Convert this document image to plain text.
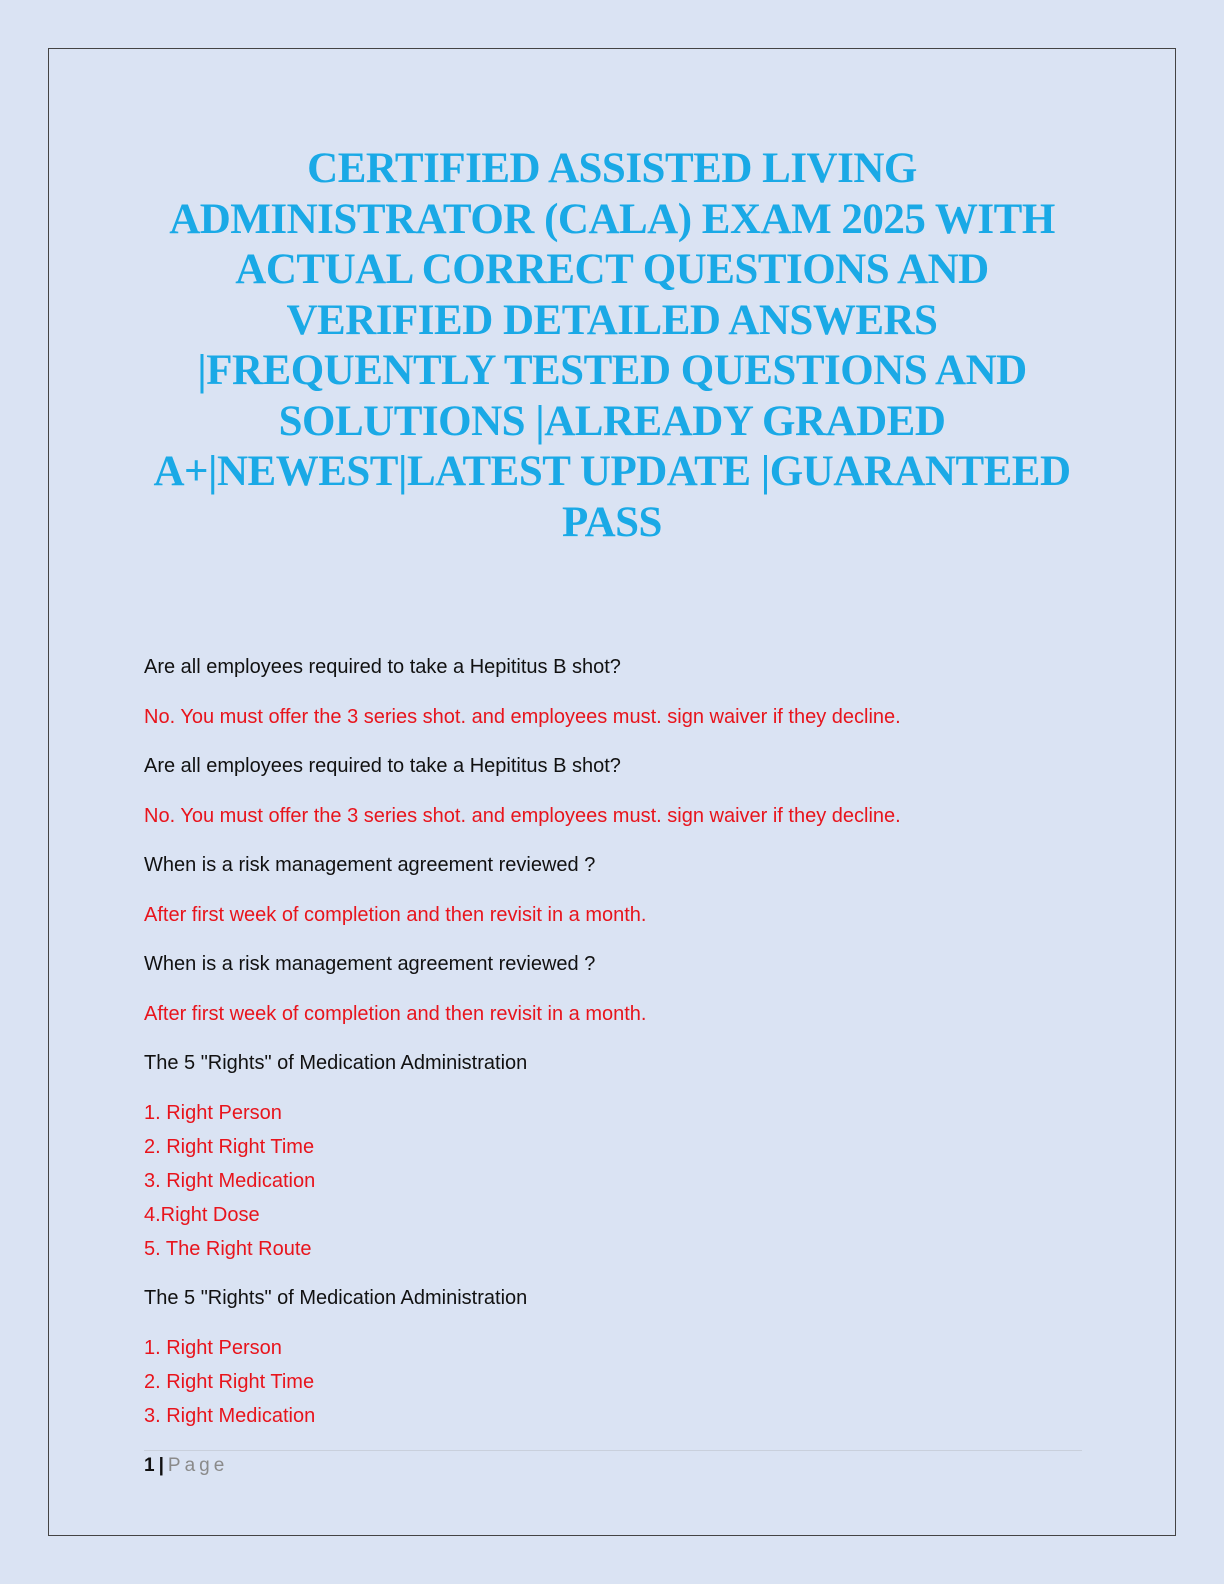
CERTIFIED ASSISTED LIVING
ADMINISTRATOR (CALA) EXAM 2025 WITH
ACTUAL CORRECT QUESTIONS AND
VERIFIED DETAILED ANSWERS
|FREQUENTLY TESTED QUESTIONS AND
SOLUTIONS |ALREADY GRADED
A+|NEWEST|LATEST UPDATE |GUARANTEED
PASS
Are all employees required to take a Hepititus B shot?
No. You must offer the 3 series shot. and employees must. sign waiver if they decline.
Are all employees required to take a Hepititus B shot?
No. You must offer the 3 series shot. and employees must. sign waiver if they decline.
When is a risk management agreement reviewed ?
After first week of completion and then revisit in a month.
When is a risk management agreement reviewed ?
After first week of completion and then revisit in a month.
The 5 "Rights" of Medication Administration
1. Right Person
2. Right Right Time
3. Right Medication
4.Right Dose
5. The Right Route
The 5 "Rights" of Medication Administration
1. Right Person
2. Right Right Time
3. Right Medication
1 | Page
